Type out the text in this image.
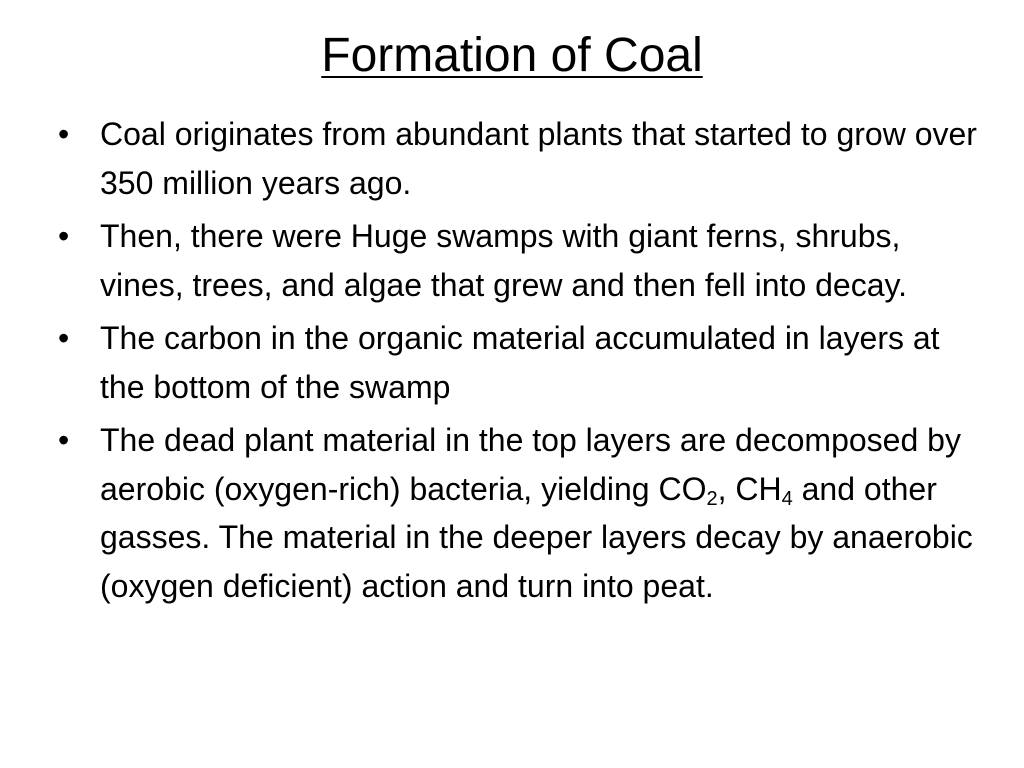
Formation of Coal
• Coal originates from abundant plants that started to grow over 350 million years ago.
• Then, there were Huge swamps with giant ferns, shrubs, vines, trees, and algae that grew and then fell into decay.
• The carbon in the organic material accumulated in layers at the bottom of the swamp
• The dead plant material in the top layers are decomposed by aerobic (oxygen-rich) bacteria, yielding $CO_2$, $CH_4$ and other gasses. The material in the deeper layers decay by anaerobic (oxygen deficient) action and turn into peat.
